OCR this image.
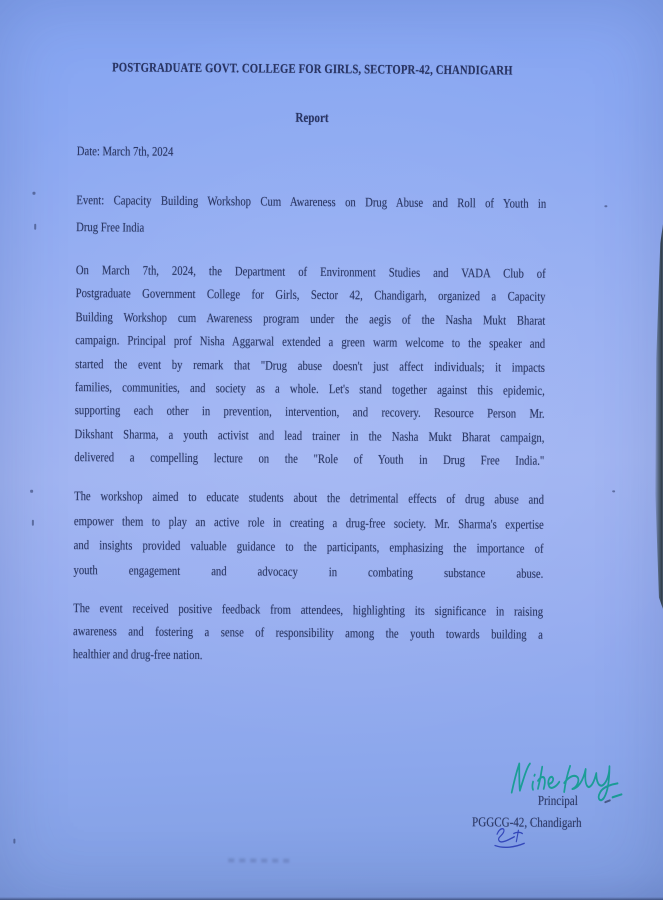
POSTGRADUATE GOVT. COLLEGE FOR GIRLS, SECTOPR-42, CHANDIGARH
Report
Date: March 7th, 2024
Event: Capacity Building Workshop Cum Awareness on Drug Abuse and Roll of Youth in
Drug Free India
On March 7th, 2024, the Department of Environment Studies and VADA Club of
Postgraduate Government College for Girls, Sector 42, Chandigarh, organized a Capacity
Building Workshop cum Awareness program under the aegis of the Nasha Mukt Bharat
campaign. Principal prof Nisha Aggarwal extended a green warm welcome to the speaker and
started the event by remark that "Drug abuse doesn't just affect individuals; it impacts
families, communities, and society as a whole. Let's stand together against this epidemic,
supporting each other in prevention, intervention, and recovery. Resource Person Mr.
Dikshant Sharma, a youth activist and lead trainer in the Nasha Mukt Bharat campaign,
delivered a compelling lecture on the "Role of Youth in Drug Free India."
The workshop aimed to educate students about the detrimental effects of drug abuse and
empower them to play an active role in creating a drug-free society. Mr. Sharma's expertise
and insights provided valuable guidance to the participants, emphasizing the importance of
youth engagement and advocacy in combating substance abuse.
The event received positive feedback from attendees, highlighting its significance in raising
awareness and fostering a sense of responsibility among the youth towards building a
healthier and drug-free nation.
Principal
PGGCG-42, Chandigarh
